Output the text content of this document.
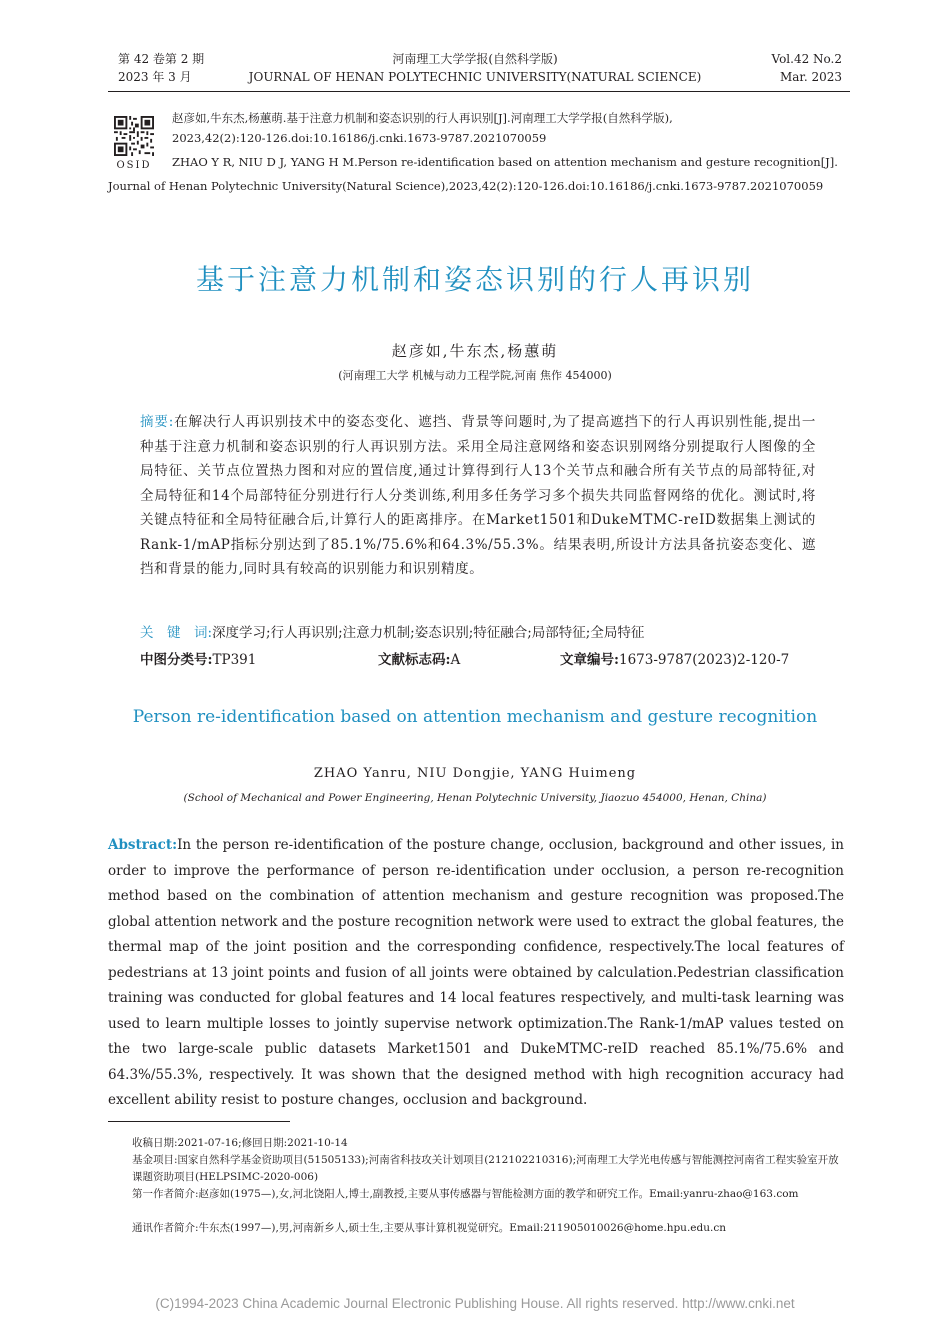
第 42 卷第 2 期
2023 年 3 月
河南理工大学学报(自然科学版)
JOURNAL OF HENAN POLYTECHNIC UNIVERSITY(NATURAL SCIENCE)
Vol.42 No.2
Mar. 2023
OSID
赵彦如,牛东杰,杨蕙萌.基于注意力机制和姿态识别的行人再识别[J].河南理工大学学报(自然科学版),
2023,42(2):120-126.doi:10.16186/j.cnki.1673-9787.2021070059
ZHAO Y R, NIU D J, YANG H M.Person re-identification based on attention mechanism and gesture recognition[J].
Journal of Henan Polytechnic University(Natural Science),2023,42(2):120-126.doi:10.16186/j.cnki.1673-9787.2021070059
基于注意力机制和姿态识别的行人再识别
赵彦如,牛东杰,杨蕙萌
(河南理工大学 机械与动力工程学院,河南 焦作 454000)
摘要:在解决行人再识别技术中的姿态变化、遮挡、背景等问题时,为了提高遮挡下的行人再识别性能,提出一种基于注意力机制和姿态识别的行人再识别方法。采用全局注意网络和姿态识别网络分别提取行人图像的全局特征、关节点位置热力图和对应的置信度,通过计算得到行人13个关节点和融合所有关节点的局部特征,对全局特征和14个局部特征分别进行行人分类训练,利用多任务学习多个损失共同监督网络的优化。测试时,将关键点特征和全局特征融合后,计算行人的距离排序。在Market1501和DukeMTMC-reID数据集上测试的Rank-1/mAP指标分别达到了85.1%/75.6%和64.3%/55.3%。结果表明,所设计方法具备抗姿态变化、遮挡和背景的能力,同时具有较高的识别能力和识别精度。
关　键　词:深度学习;行人再识别;注意力机制;姿态识别;特征融合;局部特征;全局特征
中图分类号:TP391	文献标志码:A	文章编号:1673-9787(2023)2-120-7
Person re-identification based on attention mechanism and gesture recognition
ZHAO Yanru, NIU Dongjie, YANG Huimeng
(School of Mechanical and Power Engineering, Henan Polytechnic University, Jiaozuo 454000, Henan, China)
Abstract:In the person re-identification of the posture change, occlusion, background and other issues, in order to improve the performance of person re-identification under occlusion, a person re-recognition method based on the combination of attention mechanism and gesture recognition was proposed.The global attention network and the posture recognition network were used to extract the global features, the thermal map of the joint position and the corresponding confidence, respectively.The local features of pedestrians at 13 joint points and fusion of all joints were obtained by calculation.Pedestrian classification training was conducted for global features and 14 local features respectively, and multi-task learning was used to learn multiple losses to jointly supervise network optimization.The Rank-1/mAP values tested on the two large-scale public datasets Market1501 and DukeMTMC-reID reached 85.1%/75.6% and 64.3%/55.3%, respectively. It was shown that the designed method with high recognition accuracy had excellent ability resist to posture changes, occlusion and background.
收稿日期:2021-07-16;修回日期:2021-10-14
基金项目:国家自然科学基金资助项目(51505133);河南省科技攻关计划项目(212102210316);河南理工大学光电传感与智能测控河南省工程实验室开放课题资助项目(HELPSIMC-2020-006)
第一作者简介:赵彦如(1975—),女,河北饶阳人,博士,副教授,主要从事传感器与智能检测方面的教学和研究工作。Email:yanru-zhao@163.com
通讯作者简介:牛东杰(1997—),男,河南新乡人,硕士生,主要从事计算机视觉研究。Email:211905010026@home.hpu.edu.cn
(C)1994-2023 China Academic Journal Electronic Publishing House. All rights reserved. http://www.cnki.net
